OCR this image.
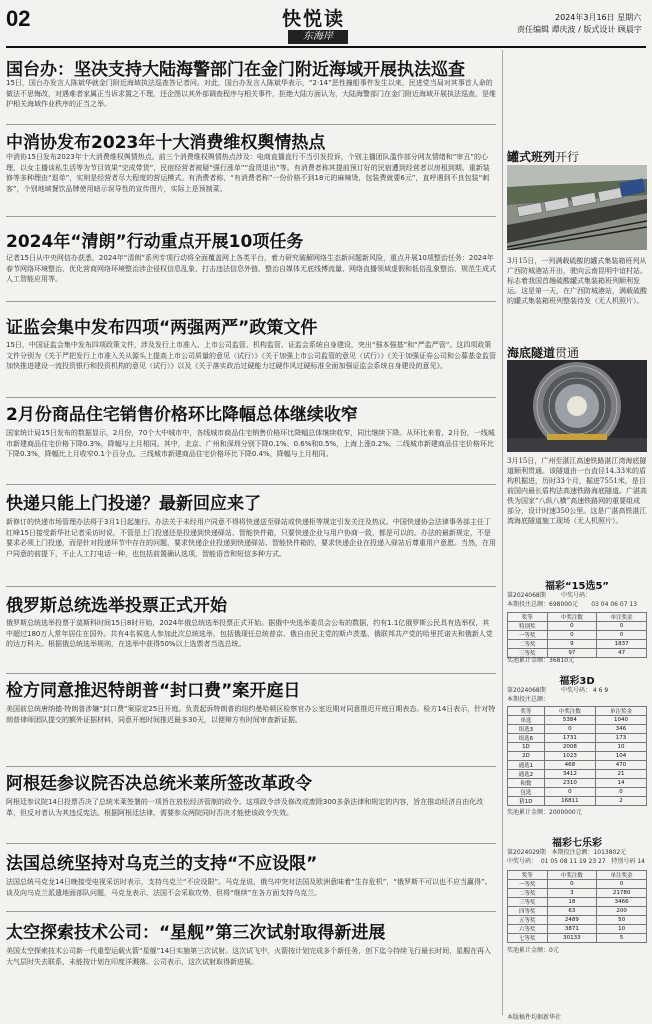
02	快悦读
东海岸
2024年3月16日 星期六
责任编辑 谭庆波 / 版式设计 顾晨宇
国台办：坚决支持大陆海警部门在金门附近海域开展执法巡查
15日，国台办发言人陈斌华就金门附近海域执法巡查答记者问。对此，国台办发言人陈斌华表示，“2·14”恶性撞船事件发生以来，民进党当局对其事首人命的做法不思悔改，对遇难者家属正当诉求置之不理，还企图以其外部调查程序与相关事件，拒绝大陆方面认为，大陆海警部门在金门附近海域开展执法巡查，是维护相关海域作业秩序的正当之举。
中消协发布2023年十大消费维权舆情热点
中消协15日发布2023年十大消费维权舆情热点。前三个消费维权舆情热点涉及：电商直播直行不当引发投诉，个别主播团队滥作部分网友情绪和“审丑”的心理，以女主播谈私生活等为节目效果“完成带货”，民宿经营者被疑“强行涨单”“盘货退出”等。有消费者称其提前预订好的民宿遭到经营者以房租到期、重新装修等多种理由“退单”，实则是经营者尽大程度的营运模式。有消费者称，“有消费者称”一份价格不到18元的麻辣烫，包装费就要6元”，直呼遇到不良包装“刺客”，个别地域餐饮品牌使用暗示误导性的宣传图片，实际上是预制菜。
2024年“清朗”行动重点开展10项任务
记者15日从中央网信办获悉，2024年“清朗”系列专项行动将全面覆盖网上各类平台，着力研究破解网络生态新问题新风险，重点开展10项整治任务：2024年春节网络环境整治、优化营商网络环境整治涉企侵权信息乱象、打击违法信息外链、整治自媒体无底线博流量、网络直播领域虚假和低俗乱象整治、规范生成式人工智能应用等。
证监会集中发布四项“两强两严”政策文件
15日，中国证监会集中发布四项政策文件，涉及发行上市准入、上市公司监管、机构监管、证监会系统自身建设，突出“强本强基”和“严监严管”。这四项政策文件分别为《关于严把发行上市准入关从源头上提高上市公司质量的意见（试行）》《关于加强上市公司监管的意见（试行）》《关于加强证券公司和公募基金监管加快推进建设一流投资银行和投资机构的意见（试行）》以及《关于落实政治过硬能力过硬作风过硬标准全面加强证监会系统自身建设的意见》。
2月份商品住宅销售价格环比降幅总体继续收窄
国家统计局15日发布的数据显示，2月份，70个大中城市中，各线城市商品住宅销售价格环比降幅总体继续收窄，同比继续下降。从环比来看，2月份，一线城市新建商品住宅价格下降0.3%，降幅与上月相同。其中，北京、广州和深圳分别下降0.1%、0.6%和0.5%，上海上涨0.2%。二线城市新建商品住宅价格环比下降0.3%，降幅比上月收窄0.1个百分点。三线城市新建商品住宅价格环比下降0.4%，降幅与上月相同。
快递只能上门投递？最新回应来了
新修订的快递市场管理办法将于3月1日起施行。办法关于未经用户同意不得将快递送至驿站或快递柜等规定引发关注及热议。中国快递协会法律事务部主任丁红峰15日接受新华社记者采访时说，不管是上门投递还是投递到快递驿站、智能快件箱，只要快递企业与用户协商一致，都是可以的。办法的最新规定，不是要求必须上门投递，而是针对投递环节中存在的问题，要求快递企业投递到快递驿站、智能快件箱的，要求快递企业在投递入驿站后尊重用户意愿。当然，在用户同意的前提下，不止人工打电话一种，也包括前置确认选项，智能语音和短信多种方式。
俄罗斯总统选举投票正式开始
俄罗斯总统选举投票于莫斯科时间15日8时开始，2024年俄总统选举投票正式开始。据俄中央选举委员会公布的数据，约有1.1亿俄罗斯公民具有选举权，其中超过180万人常年居住在国外。共有4名候选人参加此次总统选举，包括俄现任总统普京、俄自由民主党的斯卢茨基、俄联邦共产党的哈里托诺夫和俄新人党的达万科夫。根据俄总统选举规则，在选举中获得50%以上选票者当选总统。
检方同意推迟特朗普“封口费”案开庭日
美国前总统唐纳德·特朗普涉嫌“封口费”案原定25日开庭。负责起诉特朗普的纽约曼哈顿区检察官办公室近期对同意推迟开庭日期表态。检方14日表示，针对特朗普律师团队提交的额外证据材料，同意开庭时间推迟最多30天，以便辩方有时间审查新证据。
阿根廷参议院否决总统米莱所签改革政令
阿根廷参议院14日投票否决了总统米莱签署的一项旨在放松经济管制的政令。这项政令涉及修改或废除300多条法律和规定的内容，旨在推动经济自由化改革，但反对者认为其违反宪法。根据阿根廷法律，需要参众两院同时否决才能使该政令失效。
法国总统坚持对乌克兰的支持“不应设限”
法国总统马克龙14日晚接受电视采访时表示，支持乌克兰“不应设限”。马克龙说，俄乌冲突对法国及欧洲意味着“生存危机”，“俄罗斯不可以也不应当赢得”。谈及向乌克兰派遣地面部队问题，马克龙表示，法国不会采取攻势，但将“继续”在各方面支持乌克兰。
太空探索技术公司：“星舰”第三次试射取得新进展
美国太空探索技术公司新一代重型运载火箭“星舰”14日实施第三次试射。这次试飞中，火箭按计划完成多个新任务，创下迄今持续飞行最长时间，星舰在再入大气层时失去联系，未能按计划在印度洋溅落。公司表示，这次试射取得新进展。
罐式班列开行
3月15日，一列满载硫酸的罐式集装箱班列从广西防城港站开出，驶向云南昆明中谊村站。标志着我国首趟硫酸罐式集装箱班列顺利发运。这是第一天，在广西防城港站，满载硫酸的罐式集装箱班列整装待发（无人机照片）。
海底隧道贯通
3月15日，广州至湛江高速铁路湛江湾海底隧道顺利贯通。该隧道由一台直径14.33米的盾构机掘进，历时33个月，掘进7551米，是目前国内最长盾构法高速铁路海底隧道。广湛高铁为国家“八纵八横”高速铁路网的重要组成部分，设计时速350公里。这是广湛高铁湛江湾海底隧道施工现场（无人机照片）。
福彩“15选5”
第2024068期        中奖号码：
本期投注总额：698000元       03 04 06 07 13
奖等	中奖注数	单注奖金
特别奖	0	0
一等奖	0	0
二等奖	9	1837
三等奖	97	47
奖池累计金额：36810元
福彩3D
第2024068期        中奖号码： 4 6 9
本期投注总额：
奖等	中奖注数	单注奖金
单选	5384	1040
组选3	0	346
组选6	1731	173
1D	2008	10
2D	1023	104
通选1	468	470
通选2	3412	21
和数	2310	14
包选	0	0
猜1D	16811	2
奖池累计金额：2000000元
福彩七乐彩
第2024029期   本期投注总额：1013802元
中奖号码：  01 05 08 11 19 23 27   特别号码 14
奖等	中奖注数	单注奖金
一等奖	0	0
二等奖	3	21780
三等奖	18	3466
四等奖	63	200
五等奖	2489	50
六等奖	3871	10
七等奖	30133	5
奖池累计金额：0元
本版稿件均据新华社
